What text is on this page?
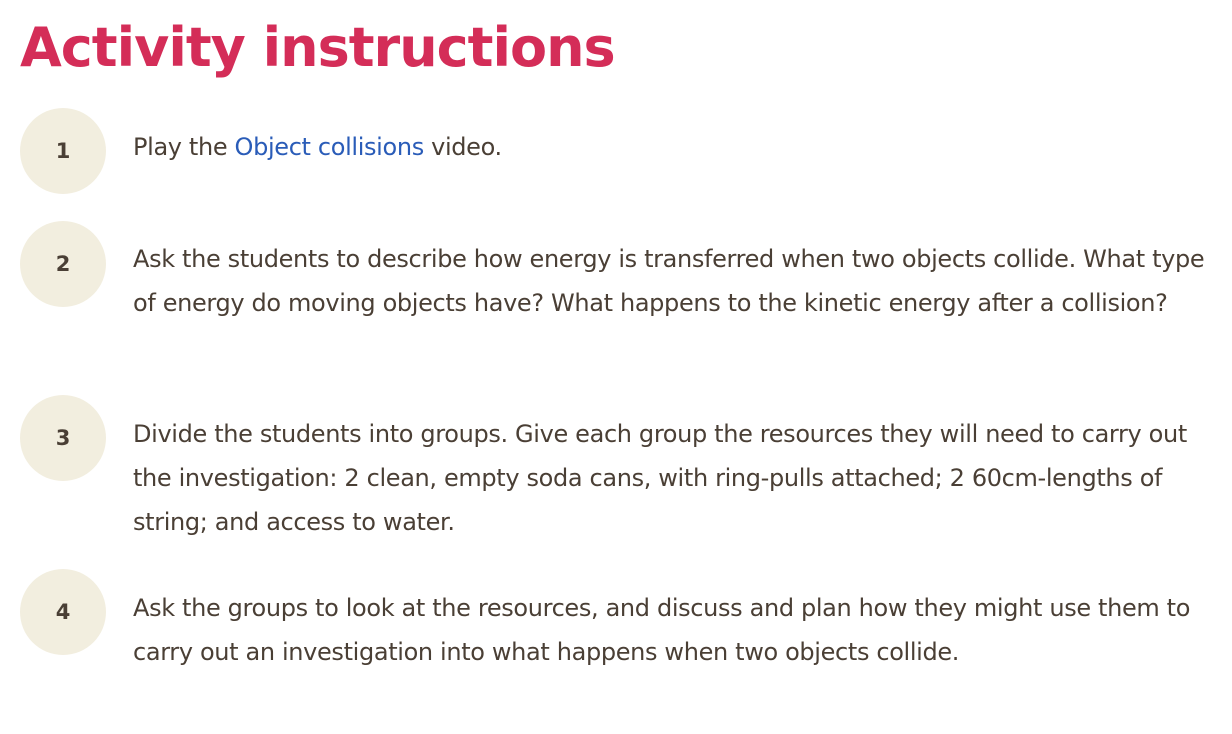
Activity instructions
1	Play the Object collisions video.

2	Ask the students to describe how energy is transferred when two objects collide. What type of energy do moving objects have? What happens to the kinetic energy after a collision?

3	Divide the students into groups. Give each group the resources they will need to carry out the investigation: 2 clean, empty soda cans, with ring-pulls attached; 2 60cm-lengths of string; and access to water.

4	Ask the groups to look at the resources, and discuss and plan how they might use them to carry out an investigation into what happens when two objects collide.
